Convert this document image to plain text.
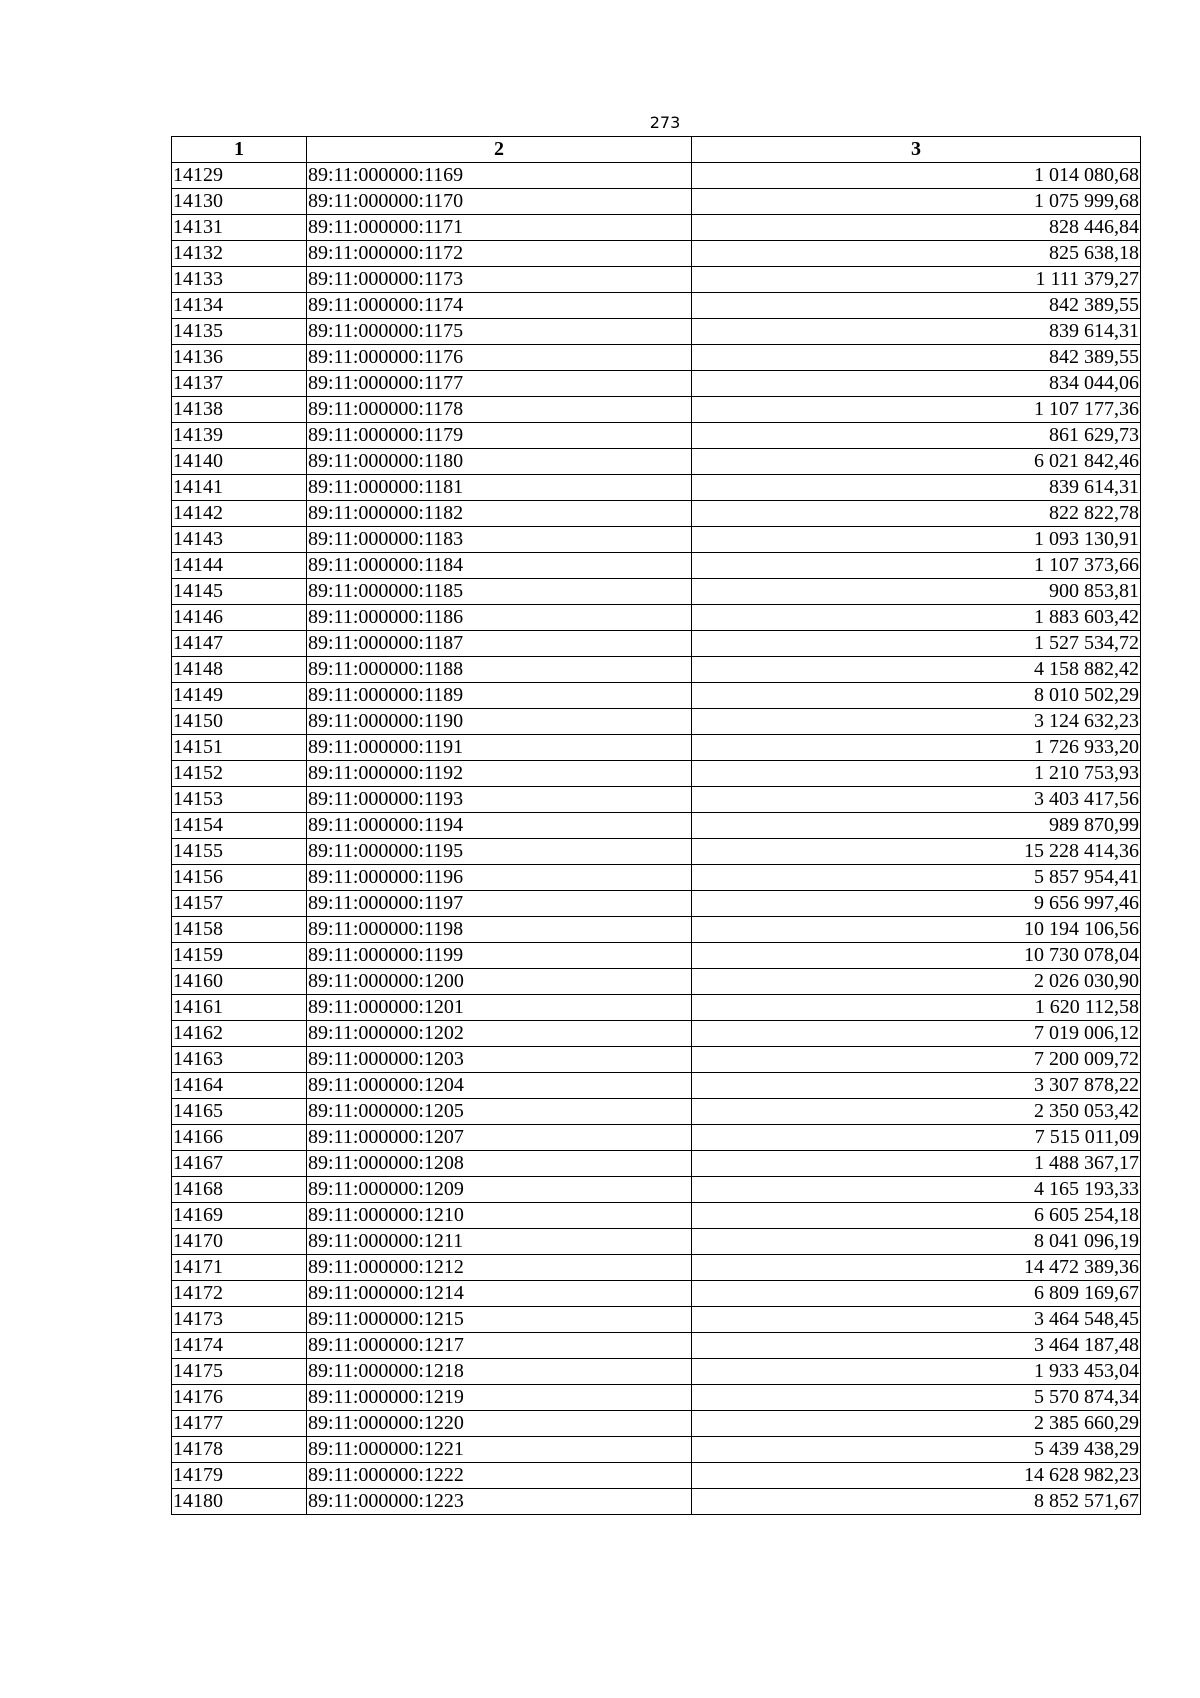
273
1	2	3
14129	89:11:000000:1169	1 014 080,68
14130	89:11:000000:1170	1 075 999,68
14131	89:11:000000:1171	828 446,84
14132	89:11:000000:1172	825 638,18
14133	89:11:000000:1173	1 111 379,27
14134	89:11:000000:1174	842 389,55
14135	89:11:000000:1175	839 614,31
14136	89:11:000000:1176	842 389,55
14137	89:11:000000:1177	834 044,06
14138	89:11:000000:1178	1 107 177,36
14139	89:11:000000:1179	861 629,73
14140	89:11:000000:1180	6 021 842,46
14141	89:11:000000:1181	839 614,31
14142	89:11:000000:1182	822 822,78
14143	89:11:000000:1183	1 093 130,91
14144	89:11:000000:1184	1 107 373,66
14145	89:11:000000:1185	900 853,81
14146	89:11:000000:1186	1 883 603,42
14147	89:11:000000:1187	1 527 534,72
14148	89:11:000000:1188	4 158 882,42
14149	89:11:000000:1189	8 010 502,29
14150	89:11:000000:1190	3 124 632,23
14151	89:11:000000:1191	1 726 933,20
14152	89:11:000000:1192	1 210 753,93
14153	89:11:000000:1193	3 403 417,56
14154	89:11:000000:1194	989 870,99
14155	89:11:000000:1195	15 228 414,36
14156	89:11:000000:1196	5 857 954,41
14157	89:11:000000:1197	9 656 997,46
14158	89:11:000000:1198	10 194 106,56
14159	89:11:000000:1199	10 730 078,04
14160	89:11:000000:1200	2 026 030,90
14161	89:11:000000:1201	1 620 112,58
14162	89:11:000000:1202	7 019 006,12
14163	89:11:000000:1203	7 200 009,72
14164	89:11:000000:1204	3 307 878,22
14165	89:11:000000:1205	2 350 053,42
14166	89:11:000000:1207	7 515 011,09
14167	89:11:000000:1208	1 488 367,17
14168	89:11:000000:1209	4 165 193,33
14169	89:11:000000:1210	6 605 254,18
14170	89:11:000000:1211	8 041 096,19
14171	89:11:000000:1212	14 472 389,36
14172	89:11:000000:1214	6 809 169,67
14173	89:11:000000:1215	3 464 548,45
14174	89:11:000000:1217	3 464 187,48
14175	89:11:000000:1218	1 933 453,04
14176	89:11:000000:1219	5 570 874,34
14177	89:11:000000:1220	2 385 660,29
14178	89:11:000000:1221	5 439 438,29
14179	89:11:000000:1222	14 628 982,23
14180	89:11:000000:1223	8 852 571,67
